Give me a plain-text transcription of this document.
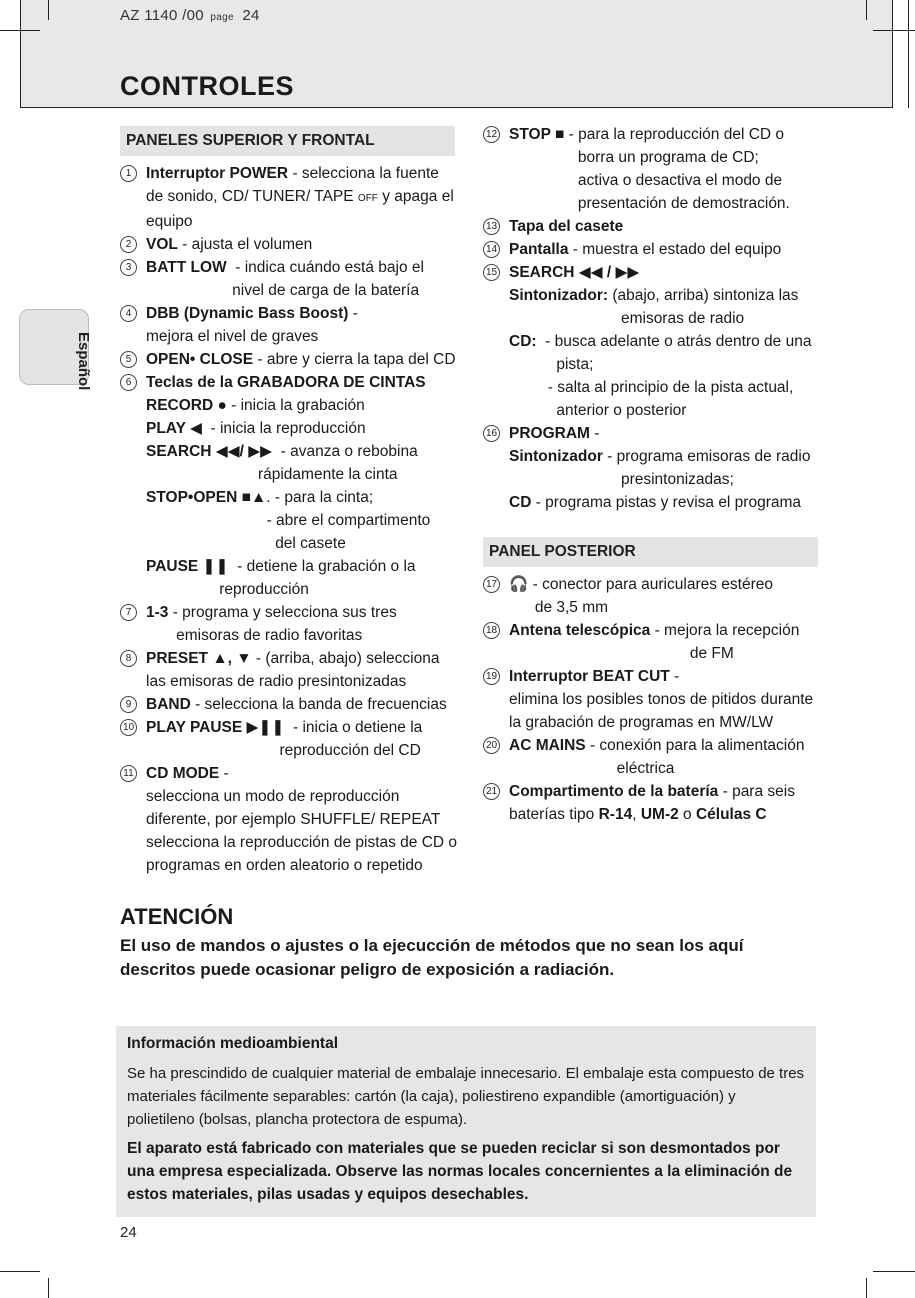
AZ 1140 /00 page 24
CONTROLES
Español
PANELES SUPERIOR Y FRONTAL
1 Interruptor POWER - selecciona la fuente
de sonido, CD/ TUNER/ TAPE OFF y apaga el
equipo
2 VOL - ajusta el volumen
3 BATT LOW  - indica cuándo está bajo el
nivel de carga de la batería
4 DBB (Dynamic Bass Boost) -
mejora el nivel de graves
5 OPEN• CLOSE - abre y cierra la tapa del CD
6 Teclas de la GRABADORA DE CINTAS
RECORD ● - inicia la grabación
PLAY ◀  - inicia la reproducción
SEARCH ◀◀/ ▶▶  - avanza o rebobina
rápidamente la cinta
STOP•OPEN ■▲. - para la cinta;
- abre el compartimento
del casete
PAUSE ❚❚  - detiene la grabación o la
reproducción
7 1-3 - programa y selecciona sus tres
emisoras de radio favoritas
8 PRESET ▲, ▼ - (arriba, abajo) selecciona
las emisoras de radio presintonizadas
9 BAND - selecciona la banda de frecuencias
10 PLAY PAUSE ▶❚❚  - inicia o detiene la
reproducción del CD
11 CD MODE -
selecciona un modo de reproducción
diferente, por ejemplo SHUFFLE/ REPEAT
selecciona la reproducción de pistas de CD o
programas en orden aleatorio o repetido
12 STOP ■ - para la reproducción del CD o
borra un programa de CD;
activa o desactiva el modo de
presentación de demostración.
13 Tapa del casete
14 Pantalla - muestra el estado del equipo
15 SEARCH ◀◀ / ▶▶
Sintonizador: (abajo, arriba) sintoniza las
emisoras de radio
CD:  - busca adelante o atrás dentro de una
pista;
- salta al principio de la pista actual,
anterior o posterior
16 PROGRAM -
Sintonizador - programa emisoras de radio
presintonizadas;
CD - programa pistas y revisa el programa
PANEL POSTERIOR
17 🎧 - conector para auriculares estéreo
de 3,5 mm
18 Antena telescópica - mejora la recepción
de FM
19 Interruptor BEAT CUT -
elimina los posibles tonos de pitidos durante
la grabación de programas en MW/LW
20 AC MAINS - conexión para la alimentación
eléctrica
21 Compartimento de la batería - para seis
baterías tipo R-14, UM-2 o Células C
ATENCIÓN
El uso de mandos o ajustes o la ejecucción de métodos que no sean los aquí descritos puede ocasionar peligro de exposición a radiación.
Información medioambiental
Se ha prescindido de cualquier material de embalaje innecesario. El embalaje esta compuesto de tres materiales fácilmente separables: cartón (la caja), poliestireno expandible (amortiguación) y polietileno (bolsas, plancha protectora de espuma).
El aparato está fabricado con materiales que se pueden reciclar si son desmontados por una empresa especializada. Observe las normas locales concernientes a la eliminación de estos materiales, pilas usadas y equipos desechables.
24
